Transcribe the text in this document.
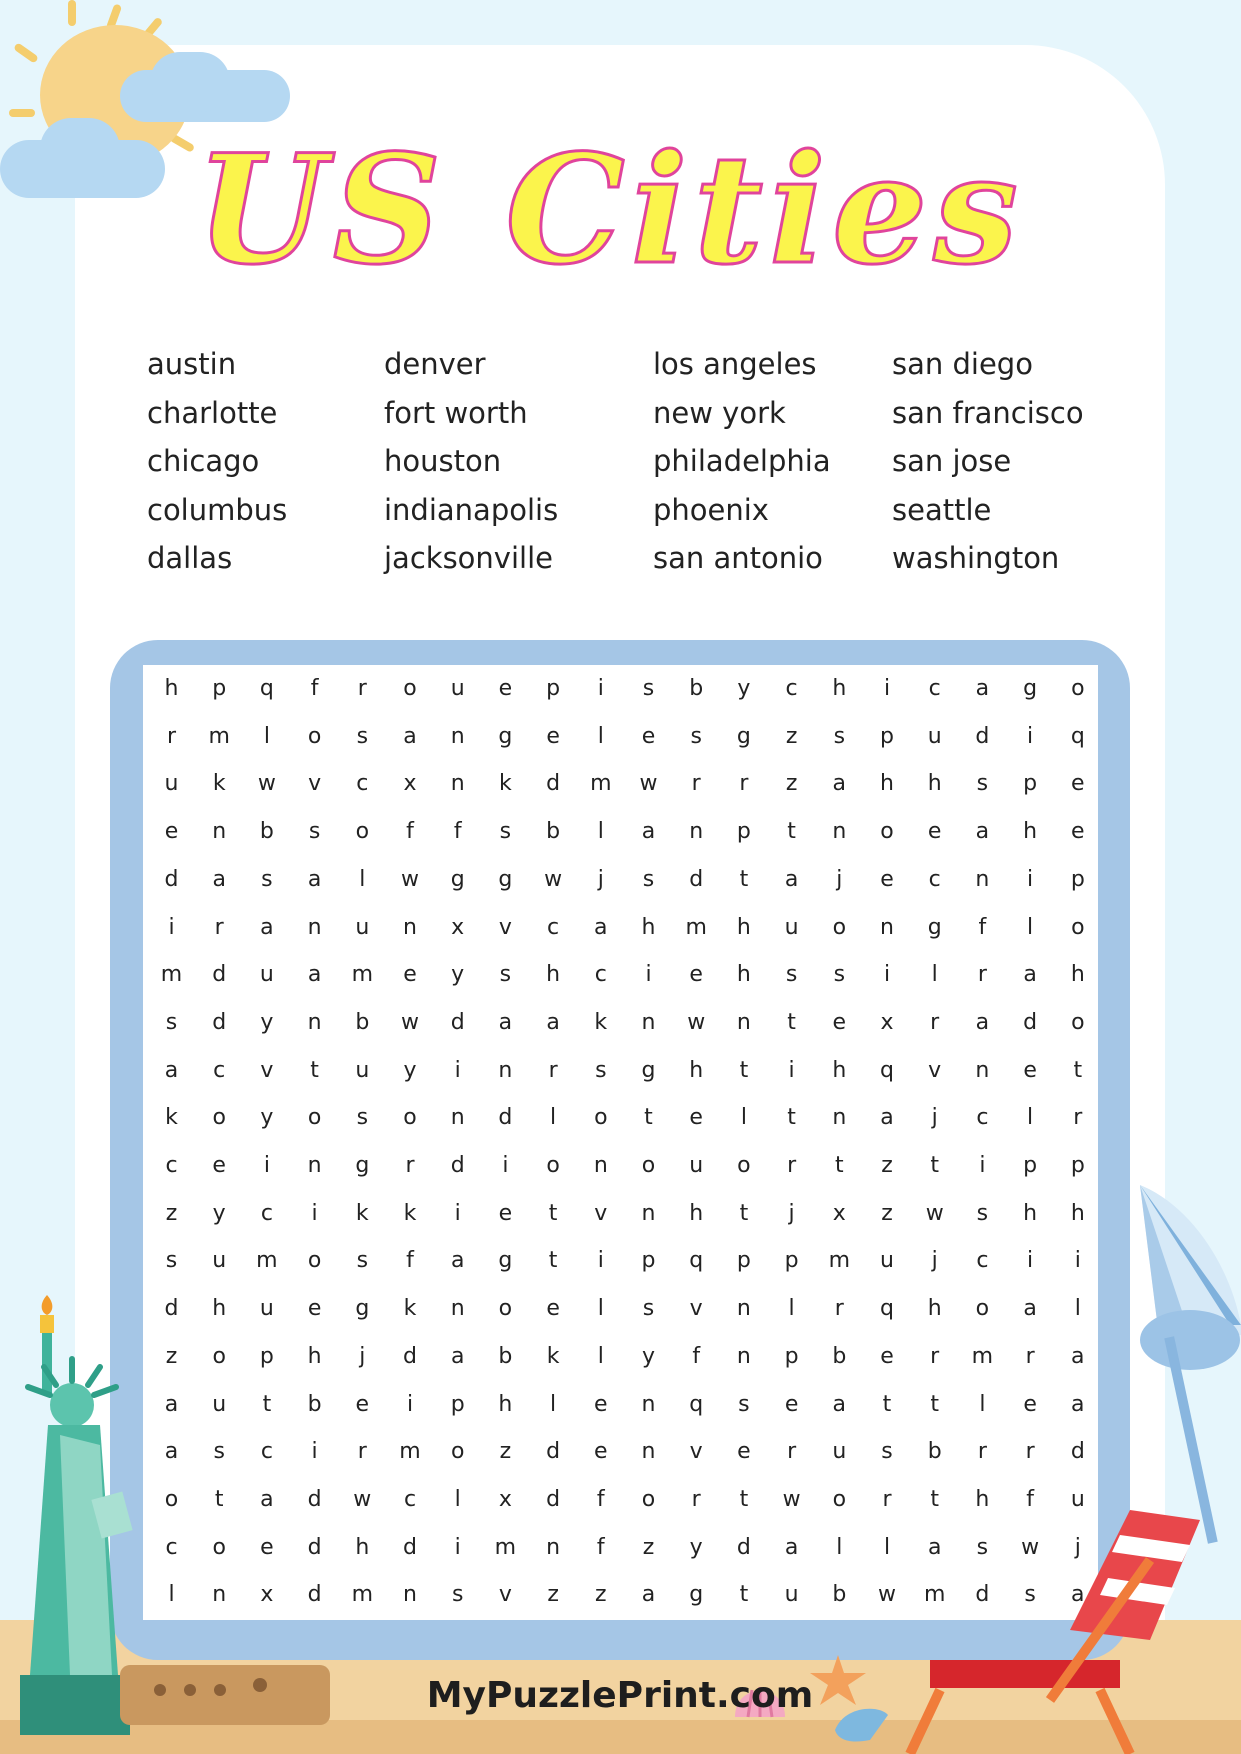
US Cities
austin
charlotte
chicago
columbus
dallas
denver
fort worth
houston
indianapolis
jacksonville
los angeles
new york
philadelphia
phoenix
san antonio
san diego
san francisco
san jose
seattle
washington
h	p	q	f	r	o	u	e	p	i	s	b	y	c	h	i	c	a	g	o
r	m	l	o	s	a	n	g	e	l	e	s	g	z	s	p	u	d	i	q
u	k	w	v	c	x	n	k	d	m	w	r	r	z	a	h	h	s	p	e
e	n	b	s	o	f	f	s	b	l	a	n	p	t	n	o	e	a	h	e
d	a	s	a	l	w	g	g	w	j	s	d	t	a	j	e	c	n	i	p
i	r	a	n	u	n	x	v	c	a	h	m	h	u	o	n	g	f	l	o
m	d	u	a	m	e	y	s	h	c	i	e	h	s	s	i	l	r	a	h
s	d	y	n	b	w	d	a	a	k	n	w	n	t	e	x	r	a	d	o
a	c	v	t	u	y	i	n	r	s	g	h	t	i	h	q	v	n	e	t
k	o	y	o	s	o	n	d	l	o	t	e	l	t	n	a	j	c	l	r
c	e	i	n	g	r	d	i	o	n	o	u	o	r	t	z	t	i	p	p
z	y	c	i	k	k	i	e	t	v	n	h	t	j	x	z	w	s	h	h
s	u	m	o	s	f	a	g	t	i	p	q	p	p	m	u	j	c	i	i
d	h	u	e	g	k	n	o	e	l	s	v	n	l	r	q	h	o	a	l
z	o	p	h	j	d	a	b	k	l	y	f	n	p	b	e	r	m	r	a
a	u	t	b	e	i	p	h	l	e	n	q	s	e	a	t	t	l	e	a
a	s	c	i	r	m	o	z	d	e	n	v	e	r	u	s	b	r	r	d
o	t	a	d	w	c	l	x	d	f	o	r	t	w	o	r	t	h	f	u
c	o	e	d	h	d	i	m	n	f	z	y	d	a	l	l	a	s	w	j
l	n	x	d	m	n	s	v	z	z	a	g	t	u	b	w	m	d	s	a
MyPuzzlePrint.com
